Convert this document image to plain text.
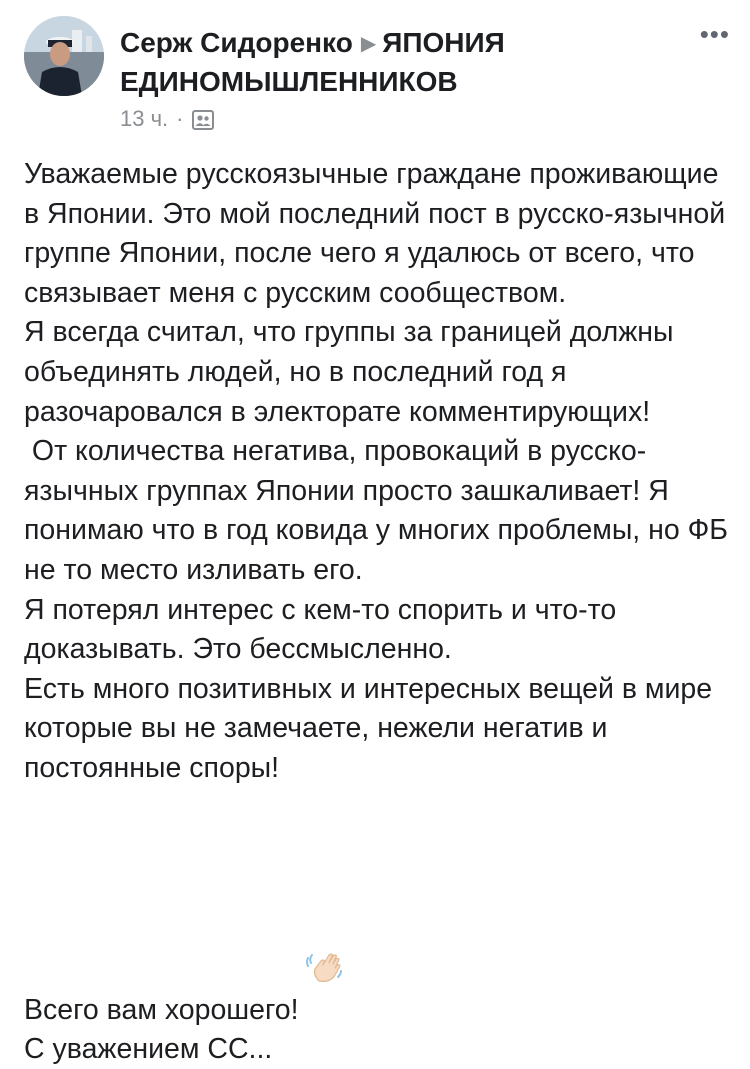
Серж Сидоренко ▶ ЯПОНИЯ ЕДИНОМЫШЛЕННИКОВ
13 ч. ·
•••

Уважаемые русскоязычные граждане проживающие в Японии. Это мой последний пост в русско-язычной группе Японии, после чего я удалюсь от всего, что связывает меня с русским сообществом.

Я всегда считал, что группы за границей должны объединять людей, но в последний год я разочаровался в электорате комментирующих!

От количества негатива, провокаций в русско-язычных группах Японии просто зашкаливает! Я понимаю что в год ковида у многих проблемы, но ФБ не то место изливать его.

Я потерял интерес с кем-то спорить и что-то доказывать. Это бессмысленно.

Есть много позитивных и интересных вещей в мире которые вы не замечаете, нежели негатив и постоянные споры!

Всего вам хорошего!

С уважением СС...
